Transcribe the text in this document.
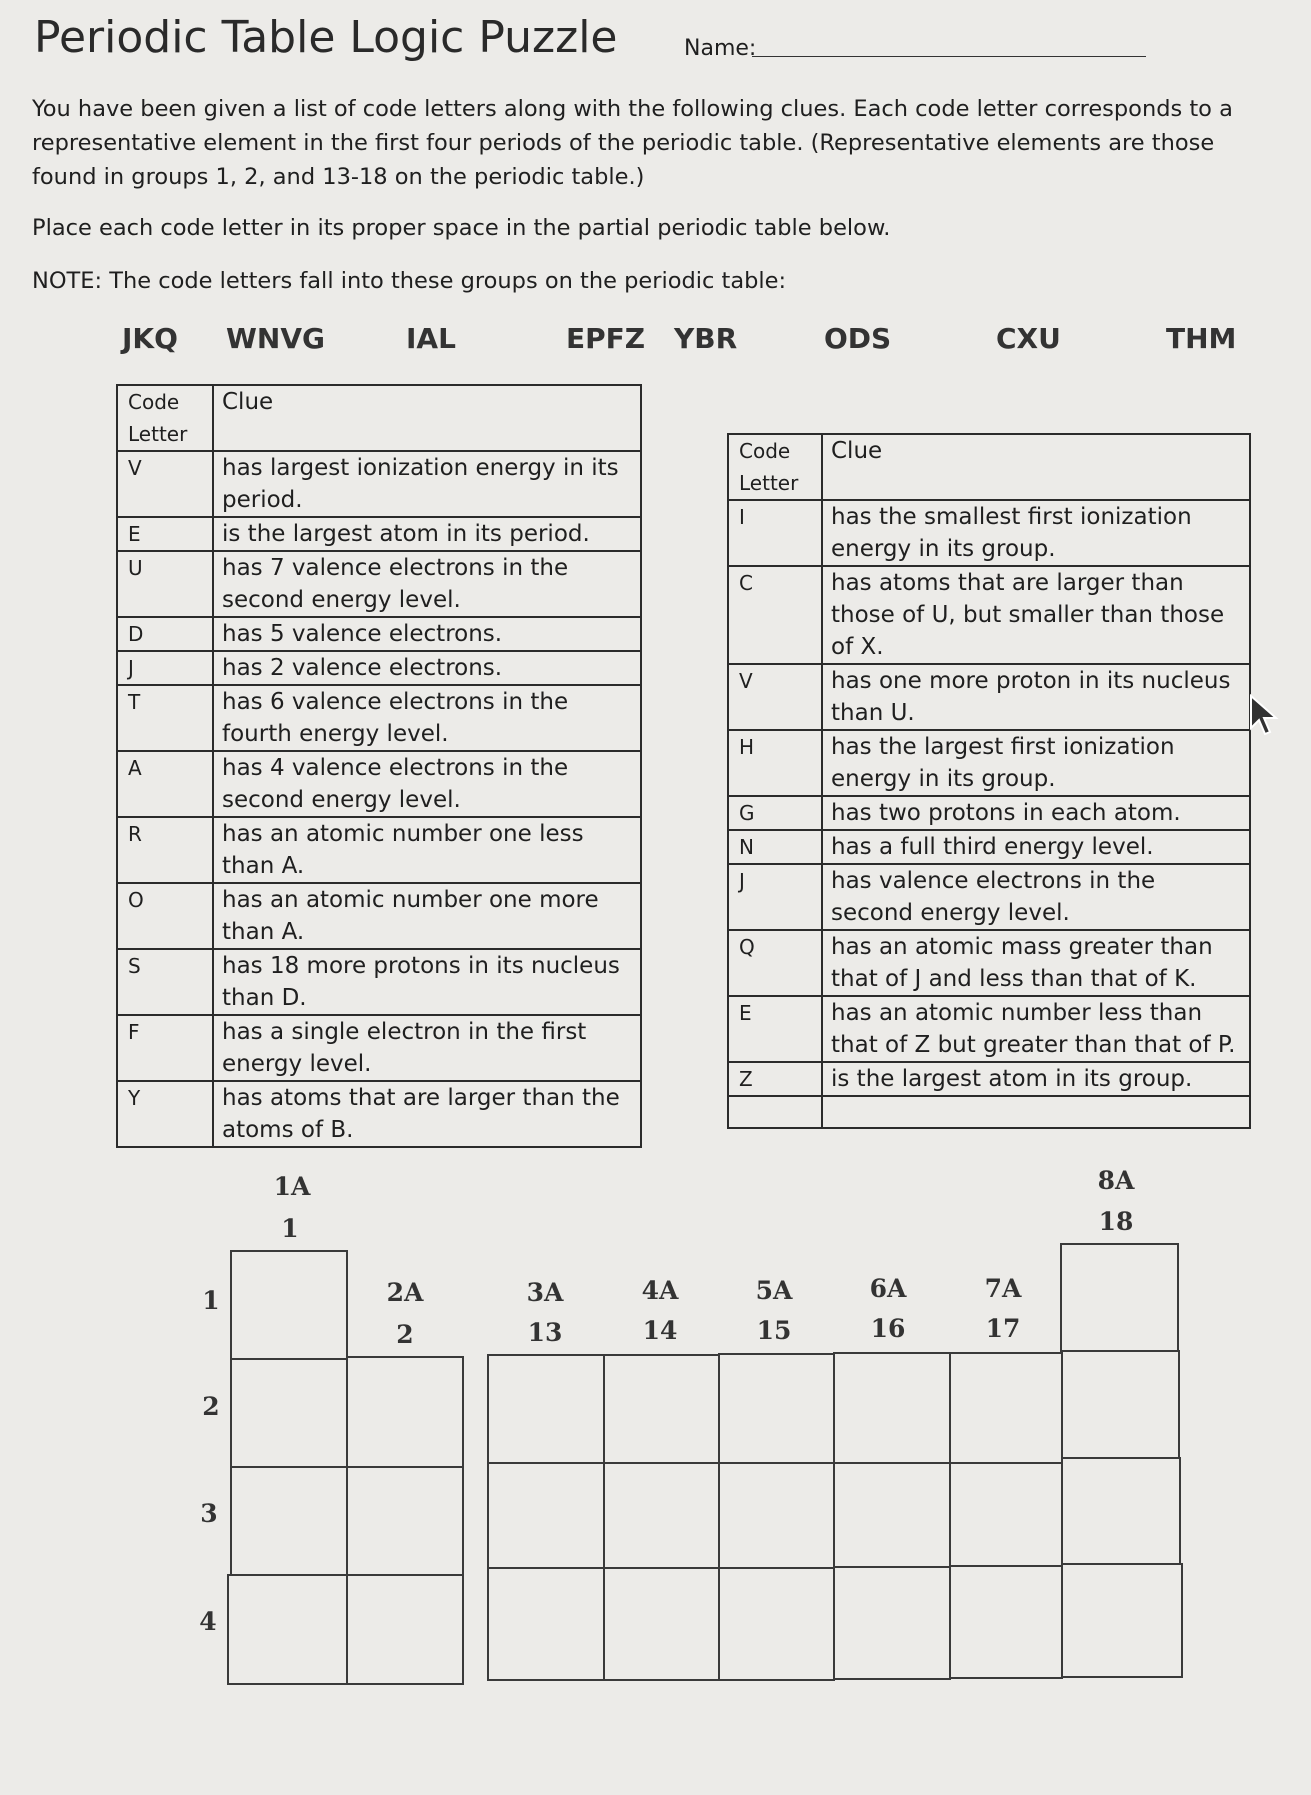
Periodic Table Logic Puzzle	Name:
You have been given a list of code letters along with the following clues. Each code letter corresponds to a representative element in the first four periods of the periodic table. (Representative elements are those found in groups 1, 2, and 13-18 on the periodic table.)
Place each code letter in its proper space in the partial periodic table below.
NOTE: The code letters fall into these groups on the periodic table:
JKQ WNVG	IAL	EPFZ YBR	ODS	CXU	THM
Code Letter	Clue
V	has largest ionization energy in its period.
E	is the largest atom in its period.
U	has 7 valence electrons in the second energy level.
D	has 5 valence electrons.
J	has 2 valence electrons.
T	has 6 valence electrons in the fourth energy level.
A	has 4 valence electrons in the second energy level.
R	has an atomic number one less than A.
O	has an atomic number one more than A.
S	has 18 more protons in its nucleus than D.
F	has a single electron in the first energy level.
Y	has atoms that are larger than the atoms of B.
Code Letter	Clue
I	has the smallest first ionization energy in its group.
C	has atoms that are larger than those of U, but smaller than those of X.
V	has one more proton in its nucleus than U.
H	has the largest first ionization energy in its group.
G	has two protons in each atom.
N	has a full third energy level.
J	has valence electrons in the second energy level.
Q	has an atomic mass greater than that of J and less than that of K.
E	has an atomic number less than that of Z but greater than that of P.
Z	is the largest atom in its group.

1A
1
8A
18
2A
2
3A
13
4A
14
5A
15
6A
16
7A
17
1
2
3
4
